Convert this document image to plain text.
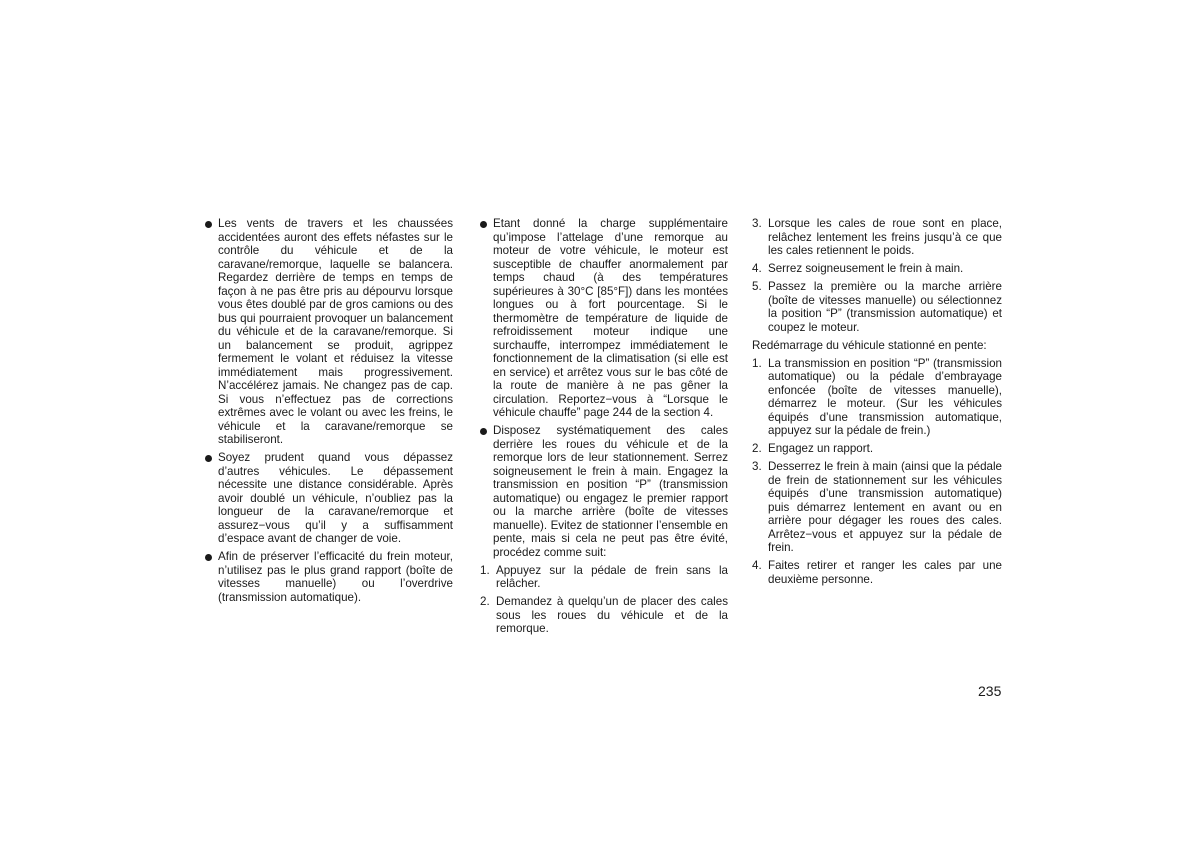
Les vents de travers et les chaussées accidentées auront des effets néfastes sur le contrôle du véhicule et de la caravane/remorque, laquelle se balancera. Regardez derrière de temps en temps de façon à ne pas être pris au dépourvu lorsque vous êtes doublé par de gros camions ou des bus qui pourraient provoquer un balancement du véhicule et de la caravane/remorque. Si un balancement se produit, agrippez fermement le volant et réduisez la vitesse immédiatement mais progressivement. N’accélérez jamais. Ne changez pas de cap. Si vous n’effectuez pas de corrections extrêmes avec le volant ou avec les freins, le véhicule et la caravane/remorque se stabiliseront.
Soyez prudent quand vous dépassez d’autres véhicules. Le dépassement nécessite une distance considérable. Après avoir doublé un véhicule, n’oubliez pas la longueur de la caravane/remorque et assurez−vous qu’il y a suffisamment d’espace avant de changer de voie.
Afin de préserver l’efficacité du frein moteur, n’utilisez pas le plus grand rapport (boîte de vitesses manuelle) ou l’overdrive (transmission automatique).
Etant donné la charge supplémentaire qu’impose l’attelage d’une remorque au moteur de votre véhicule, le moteur est susceptible de chauffer anormalement par temps chaud (à des températures supérieures à 30°C [85°F]) dans les montées longues ou à fort pourcentage. Si le thermomètre de température de liquide de refroidissement moteur indique une surchauffe, interrompez immédiatement le fonctionnement de la climatisation (si elle est en service) et arrêtez vous sur le bas côté de la route de manière à ne pas gêner la circulation. Reportez−vous à “Lorsque le véhicule chauffe” page 244 de la section 4.
Disposez systématiquement des cales derrière les roues du véhicule et de la remorque lors de leur stationnement. Serrez soigneusement le frein à main. Engagez la transmission en position “P” (transmission automatique) ou engagez le premier rapport ou la marche arrière (boîte de vitesses manuelle). Evitez de stationner l’ensemble en pente, mais si cela ne peut pas être évité, procédez comme suit:
1. Appuyez sur la pédale de frein sans la relâcher.
2. Demandez à quelqu’un de placer des cales sous les roues du véhicule et de la remorque.
3. Lorsque les cales de roue sont en place, relâchez lentement les freins jusqu’à ce que les cales retiennent le poids.
4. Serrez soigneusement le frein à main.
5. Passez la première ou la marche arrière (boîte de vitesses manuelle) ou sélectionnez la position “P” (transmission automatique) et coupez le moteur.
Redémarrage du véhicule stationné en pente:
1. La transmission en position “P” (transmission automatique) ou la pédale d’embrayage enfoncée (boîte de vitesses manuelle), démarrez le moteur. (Sur les véhicules équipés d’une transmission automatique, appuyez sur la pédale de frein.)
2. Engagez un rapport.
3. Desserrez le frein à main (ainsi que la pédale de frein de stationnement sur les véhicules équipés d’une transmission automatique) puis démarrez lentement en avant ou en arrière pour dégager les roues des cales. Arrêtez−vous et appuyez sur la pédale de frein.
4. Faites retirer et ranger les cales par une deuxième personne.
235
